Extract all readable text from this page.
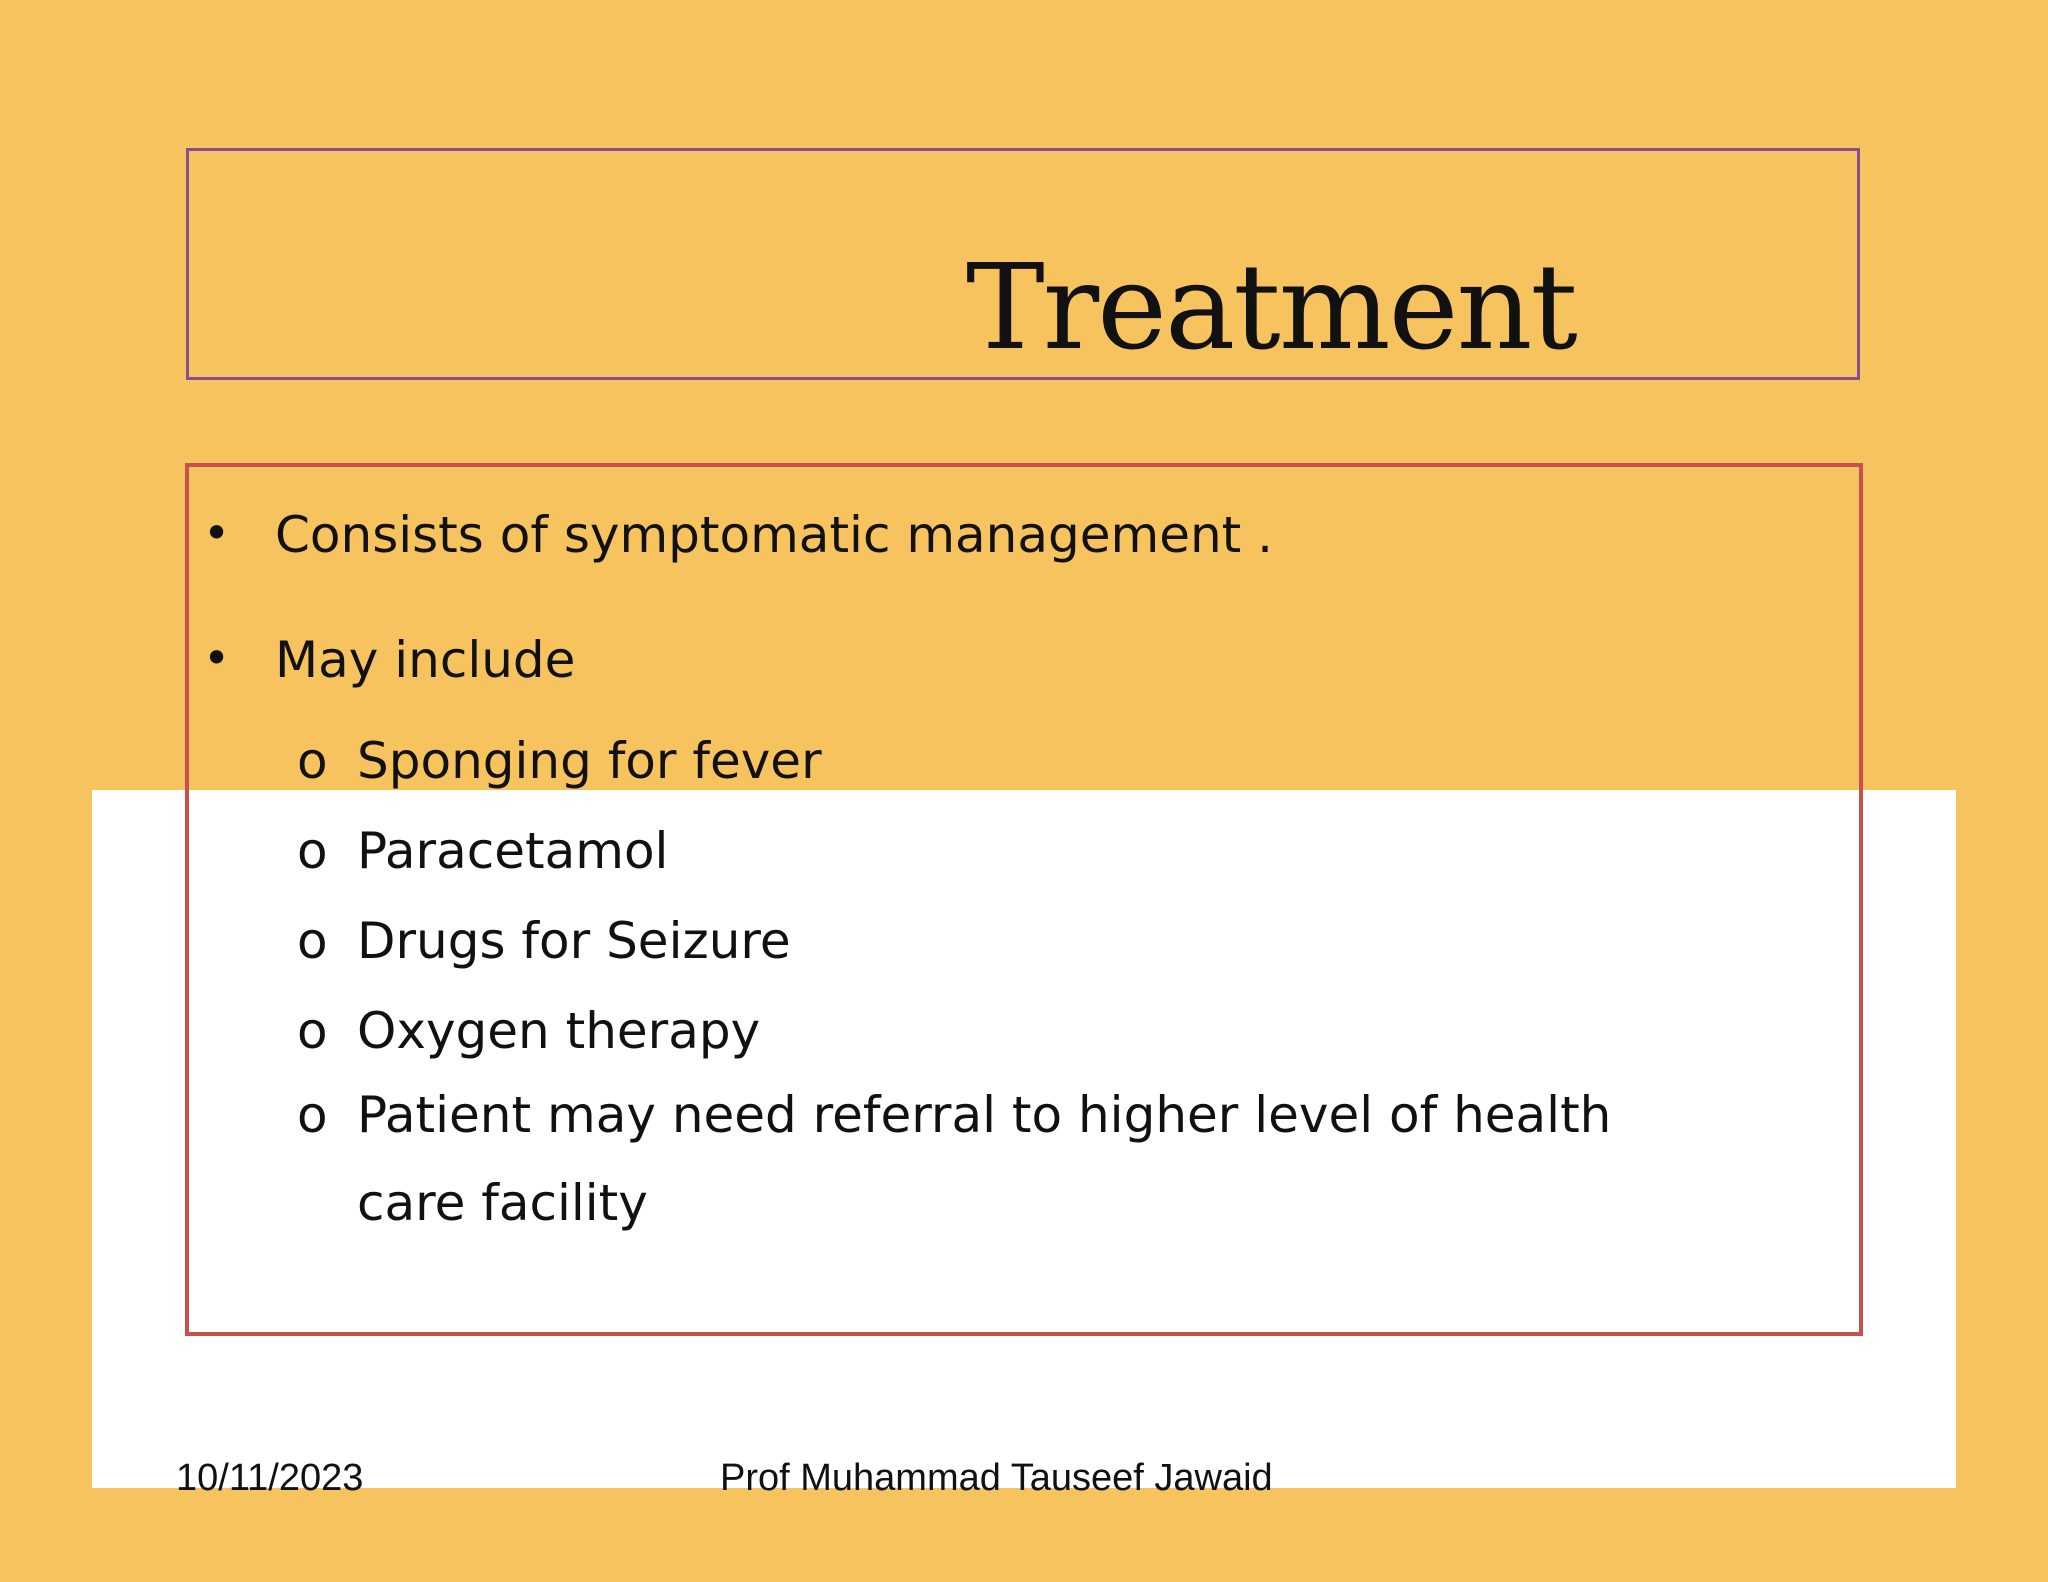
Treatment
• Consists of symptomatic management .
• May include
o Sponging for fever
o Paracetamol
o Drugs for Seizure
o Oxygen therapy
o Patient may need referral to higher level of health
care facility
10/11/2023	Prof Muhammad Tauseef Jawaid
